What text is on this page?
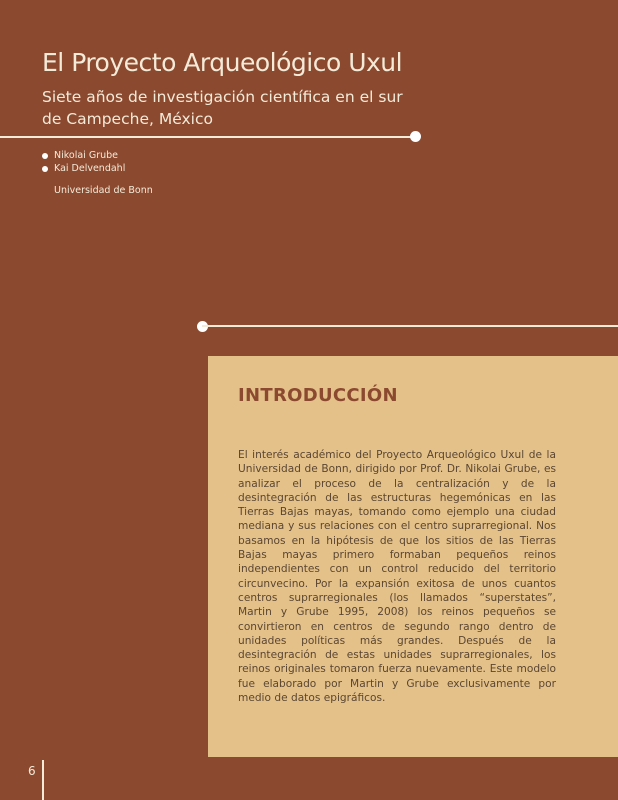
El Proyecto Arqueológico Uxul

Siete años de investigación científica en el sur de Campeche, México

Nikolai Grube
Kai Delvendahl

Universidad de Bonn

INTRODUCCIÓN

El interés académico del Proyecto Arqueológico Uxul de la Universidad de Bonn, dirigido por Prof. Dr. Nikolai Grube, es analizar el proceso de la centralización y de la desintegración de las estructuras hegemónicas en las Tierras Bajas mayas, tomando como ejemplo una ciudad mediana y sus relaciones con el centro suprarregional. Nos basamos en la hipótesis de que los sitios de las Tierras Bajas mayas primero formaban pequeños reinos independientes con un control reducido del territorio circunvecino. Por la expansión exitosa de unos cuantos centros suprarregionales (los llamados “superstates”, Martin y Grube 1995, 2008) los reinos pequeños se convirtieron en centros de segundo rango dentro de unidades políticas más grandes. Después de la desintegración de estas unidades suprarregionales, los reinos originales tomaron fuerza nuevamente. Este modelo fue elaborado por Martin y Grube exclusivamente por medio de datos epigráficos.

6
